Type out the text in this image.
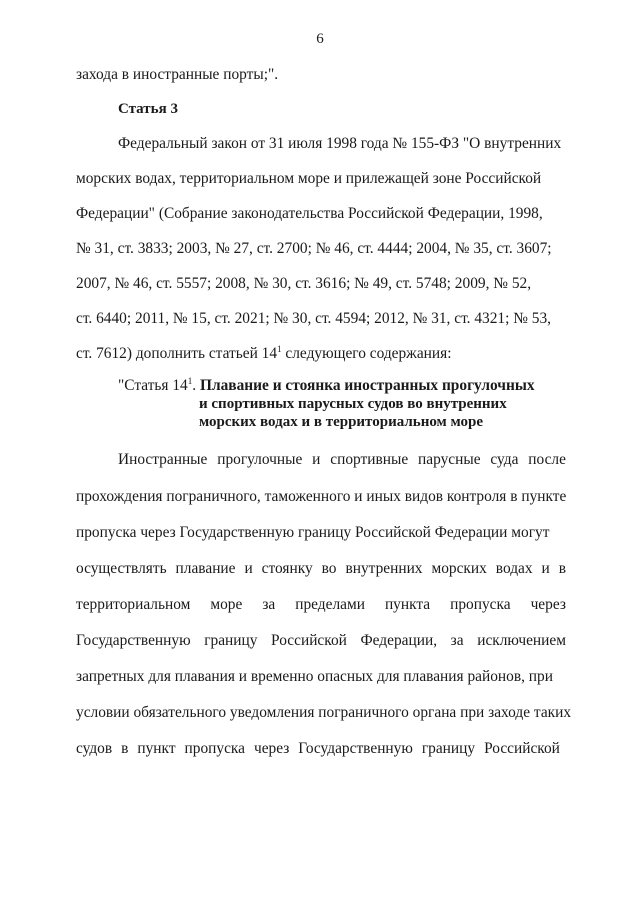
6
захода в иностранные порты;".
Статья 3
Федеральный закон от 31 июля 1998 года № 155-ФЗ "О внутренних
морских водах, территориальном море и прилежащей зоне Российской
Федерации" (Собрание законодательства Российской Федерации, 1998,
№ 31, ст. 3833; 2003, № 27, ст. 2700; № 46, ст. 4444; 2004, № 35, ст. 3607;
2007, № 46, ст. 5557; 2008, № 30, ст. 3616; № 49, ст. 5748; 2009, № 52,
ст. 6440; 2011, № 15, ст. 2021; № 30, ст. 4594; 2012, № 31, ст. 4321; № 53,
ст. 7612) дополнить статьей $14^1$ следующего содержания:
"Статья $14^1$. Плавание и стоянка иностранных прогулочных
и спортивных парусных судов во внутренних
морских водах и в территориальном море
Иностранные прогулочные и спортивные парусные суда после
прохождения пограничного, таможенного и иных видов контроля в пункте
пропуска через Государственную границу Российской Федерации могут
осуществлять плавание и стоянку во внутренних морских водах и в
территориальном море за пределами пункта пропуска через
Государственную границу Российской Федерации, за исключением
запретных для плавания и временно опасных для плавания районов, при
условии обязательного уведомления пограничного органа при заходе таких
судов в пункт пропуска через Государственную границу Российской
